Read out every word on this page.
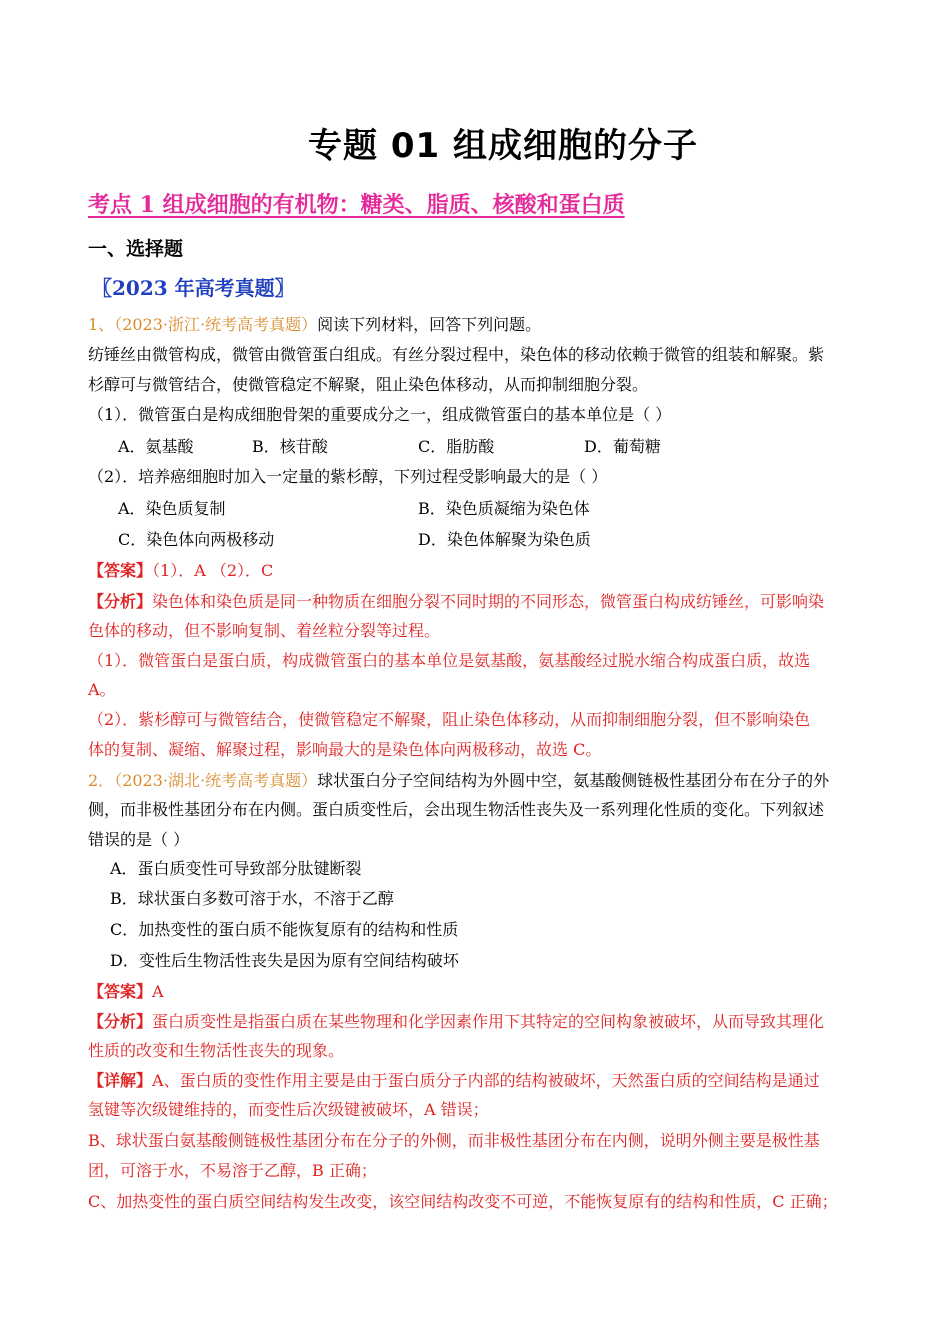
专题 01 组成细胞的分子
考点 1 组成细胞的有机物：糖类、脂质、核酸和蛋白质
一、选择题
〖2023 年高考真题〗
1、（2023·浙江·统考高考真题）阅读下列材料，回答下列问题。
纺锤丝由微管构成，微管由微管蛋白组成。有丝分裂过程中，染色体的移动依赖于微管的组装和解聚。紫
杉醇可与微管结合，使微管稳定不解聚，阻止染色体移动，从而抑制细胞分裂。
（1）．微管蛋白是构成细胞骨架的重要成分之一，组成微管蛋白的基本单位是（ ）
A．氨基酸	B．核苷酸	C．脂肪酸	D．葡萄糖
（2）．培养癌细胞时加入一定量的紫杉醇，下列过程受影响最大的是（ ）
A．染色质复制	B．染色质凝缩为染色体
C．染色体向两极移动	D．染色体解聚为染色质
【答案】（1）．A （2）．C
【分析】染色体和染色质是同一种物质在细胞分裂不同时期的不同形态，微管蛋白构成纺锤丝，可影响染
色体的移动，但不影响复制、着丝粒分裂等过程。
（1）．微管蛋白是蛋白质，构成微管蛋白的基本单位是氨基酸，氨基酸经过脱水缩合构成蛋白质，故选
A。
（2）．紫杉醇可与微管结合，使微管稳定不解聚，阻止染色体移动，从而抑制细胞分裂，但不影响染色
体的复制、凝缩、解聚过程，影响最大的是染色体向两极移动，故选 C。
2．（2023·湖北·统考高考真题）球状蛋白分子空间结构为外圆中空，氨基酸侧链极性基团分布在分子的外
侧，而非极性基团分布在内侧。蛋白质变性后，会出现生物活性丧失及一系列理化性质的变化。下列叙述
错误的是（ ）
A．蛋白质变性可导致部分肽键断裂
B．球状蛋白多数可溶于水，不溶于乙醇
C．加热变性的蛋白质不能恢复原有的结构和性质
D．变性后生物活性丧失是因为原有空间结构破坏
【答案】A
【分析】蛋白质变性是指蛋白质在某些物理和化学因素作用下其特定的空间构象被破坏，从而导致其理化
性质的改变和生物活性丧失的现象。
【详解】A、蛋白质的变性作用主要是由于蛋白质分子内部的结构被破坏，天然蛋白质的空间结构是通过
氢键等次级键维持的，而变性后次级键被破坏，A 错误；
B、球状蛋白氨基酸侧链极性基团分布在分子的外侧，而非极性基团分布在内侧，说明外侧主要是极性基
团，可溶于水，不易溶于乙醇，B 正确；
C、加热变性的蛋白质空间结构发生改变，该空间结构改变不可逆，不能恢复原有的结构和性质，C 正确；
